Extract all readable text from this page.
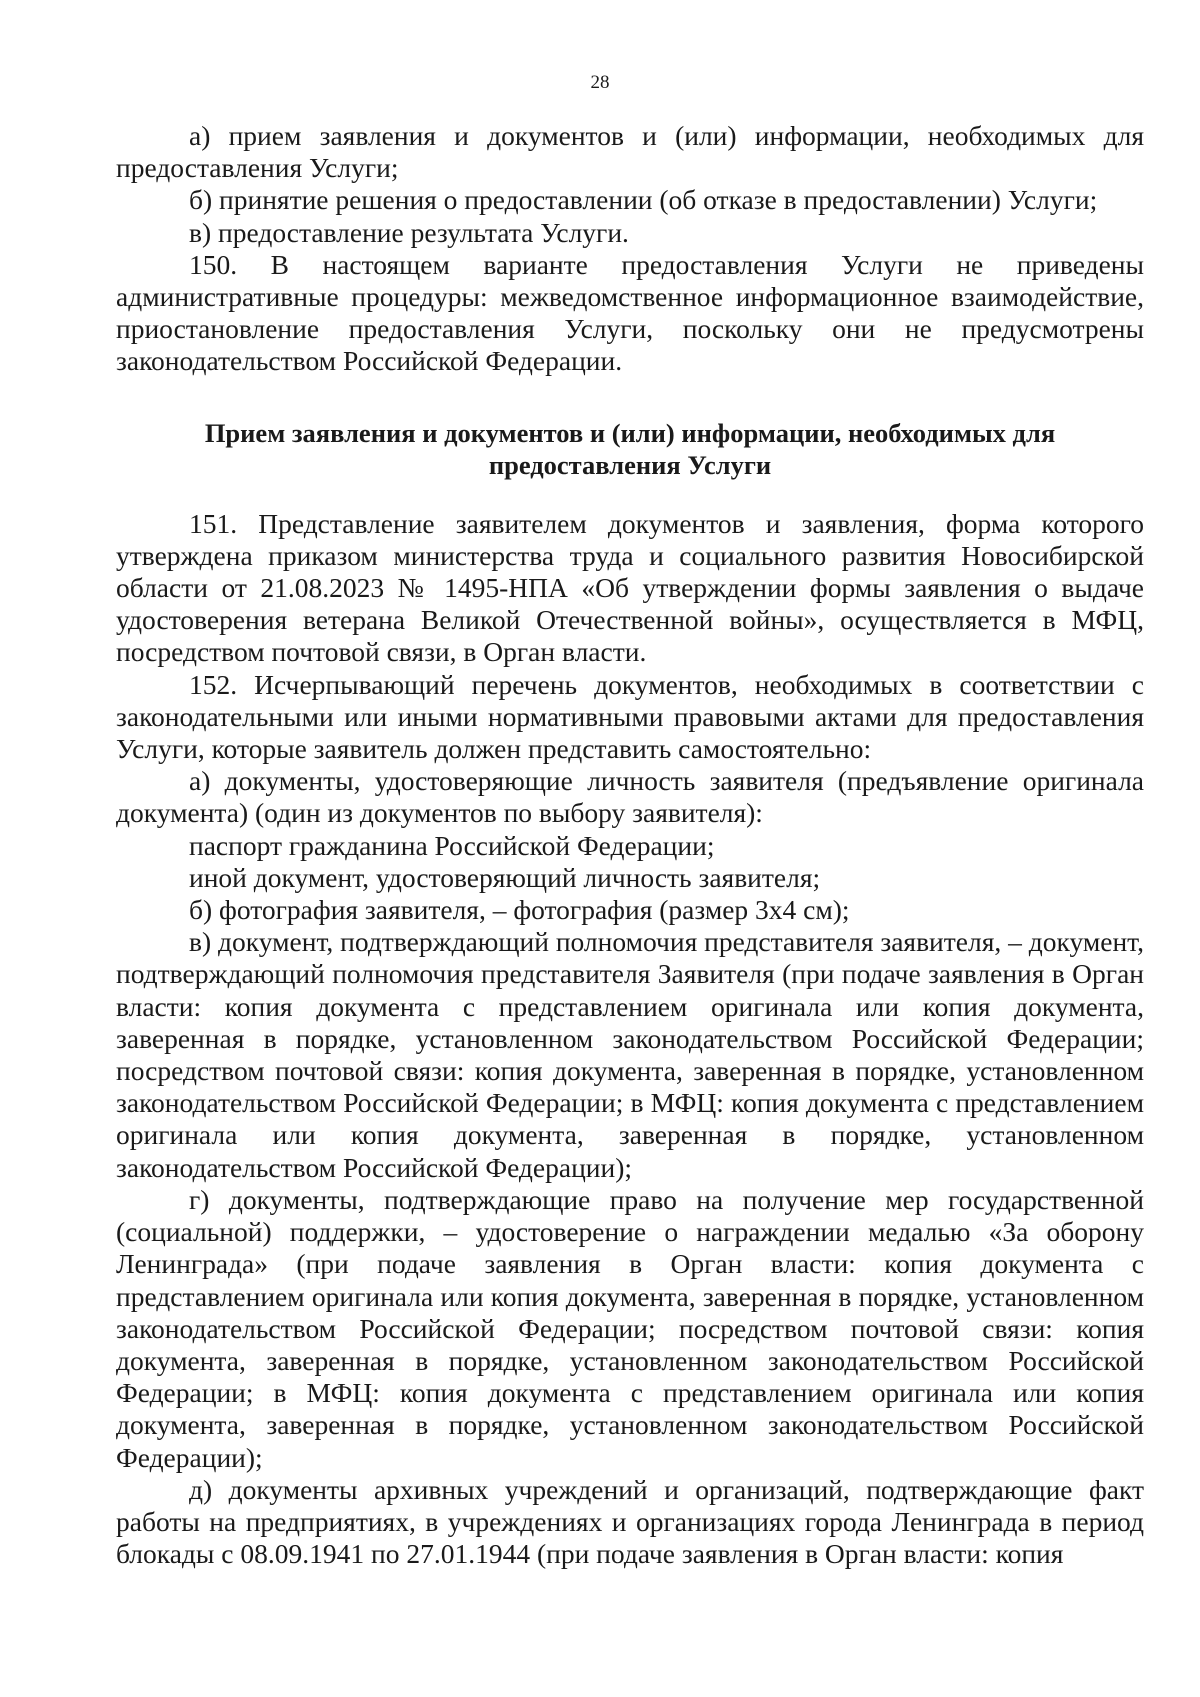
28

а) прием заявления и документов и (или) информации, необходимых для предоставления Услуги;

б) принятие решения о предоставлении (об отказе в предоставлении) Услуги;

в) предоставление результата Услуги.

150. В настоящем варианте предоставления Услуги не приведены административные процедуры: межведомственное информационное взаимодействие, приостановление предоставления Услуги, поскольку они не предусмотрены законодательством Российской Федерации.

Прием заявления и документов и (или) информации, необходимых для предоставления Услуги

151. Представление заявителем документов и заявления, форма которого утверждена приказом министерства труда и социального развития Новосибирской области от 21.08.2023 № 1495-НПА «Об утверждении формы заявления о выдаче удостоверения ветерана Великой Отечественной войны», осуществляется в МФЦ, посредством почтовой связи, в Орган власти.

152. Исчерпывающий перечень документов, необходимых в соответствии с законодательными или иными нормативными правовыми актами для предоставления Услуги, которые заявитель должен представить самостоятельно:

а) документы, удостоверяющие личность заявителя (предъявление оригинала документа) (один из документов по выбору заявителя):

паспорт гражданина Российской Федерации;

иной документ, удостоверяющий личность заявителя;

б) фотография заявителя, – фотография (размер 3х4 см);

в) документ, подтверждающий полномочия представителя заявителя, – документ, подтверждающий полномочия представителя Заявителя (при подаче заявления в Орган власти: копия документа с представлением оригинала или копия документа, заверенная в порядке, установленном законодательством Российской Федерации; посредством почтовой связи: копия документа, заверенная в порядке, установленном законодательством Российской Федерации; в МФЦ: копия документа с представлением оригинала или копия документа, заверенная в порядке, установленном законодательством Российской Федерации);

г) документы, подтверждающие право на получение мер государственной (социальной) поддержки, – удостоверение о награждении медалью «За оборону Ленинграда» (при подаче заявления в Орган власти: копия документа с представлением оригинала или копия документа, заверенная в порядке, установленном законодательством Российской Федерации; посредством почтовой связи: копия документа, заверенная в порядке, установленном законодательством Российской Федерации; в МФЦ: копия документа с представлением оригинала или копия документа, заверенная в порядке, установленном законодательством Российской Федерации);

д) документы архивных учреждений и организаций, подтверждающие факт работы на предприятиях, в учреждениях и организациях города Ленинграда в период блокады с 08.09.1941 по 27.01.1944 (при подаче заявления в Орган власти: копия
